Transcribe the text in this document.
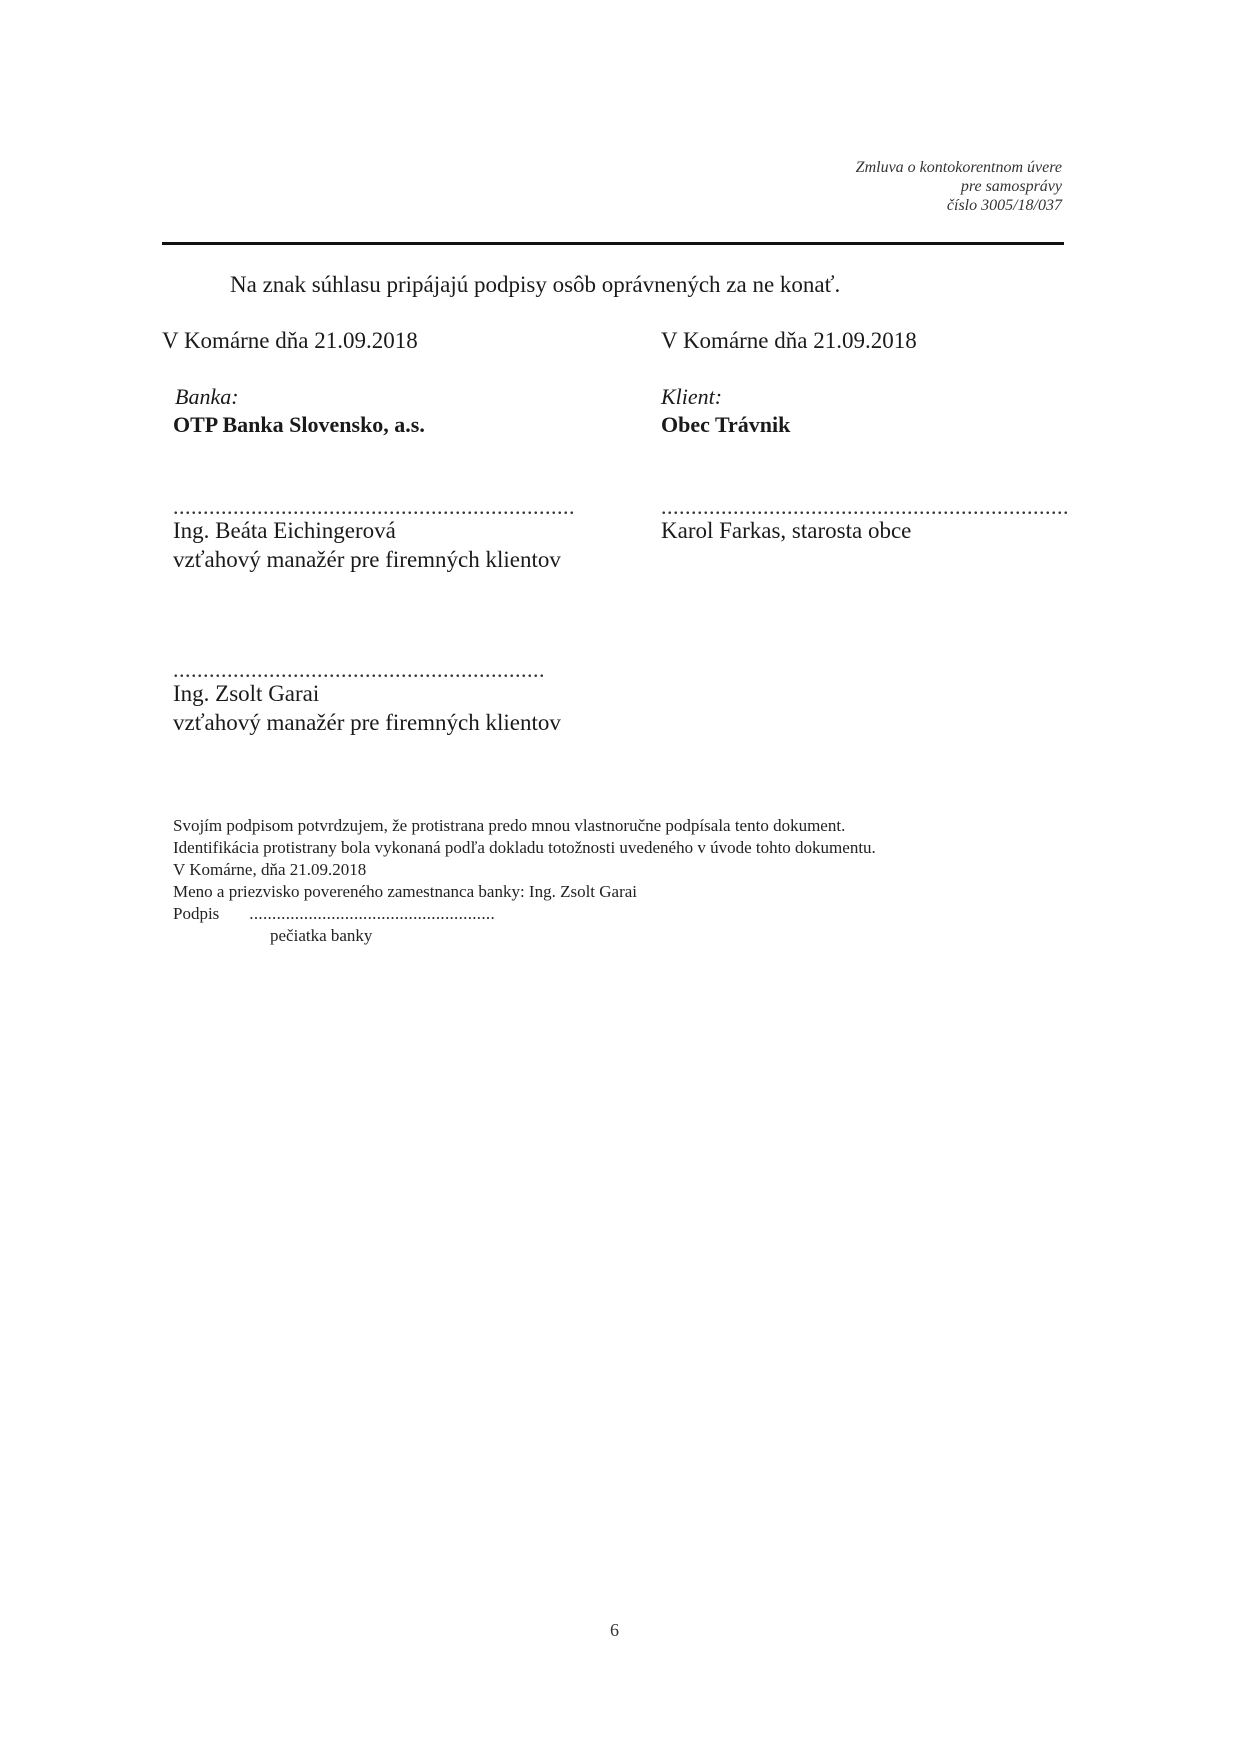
Zmluva o kontokorentnom úvere
pre samosprávy
číslo 3005/18/037
Na znak súhlasu pripájajú podpisy osôb oprávnených za ne konať.
V Komárne dňa 21.09.2018
Banka:
OTP Banka Slovensko, a.s.
...................................................................
Ing. Beáta Eichingerová
vzťahový manažér pre firemných klientov
..............................................................
Ing. Zsolt Garai
vzťahový manažér pre firemných klientov
V Komárne dňa 21.09.2018
Klient:
Obec Trávnik
....................................................................
Karol Farkas, starosta obce
Svojím podpisom potvrdzujem, že protistrana predo mnou vlastnoručne podpísala tento dokument.
Identifikácia protistrany bola vykonaná podľa dokladu totožnosti uvedeného v úvode tohto dokumentu.
V Komárne, dňa 21.09.2018
Meno a priezvisko povereného zamestnanca banky: Ing. Zsolt Garai
Podpis ......................................................
pečiatka banky
6
